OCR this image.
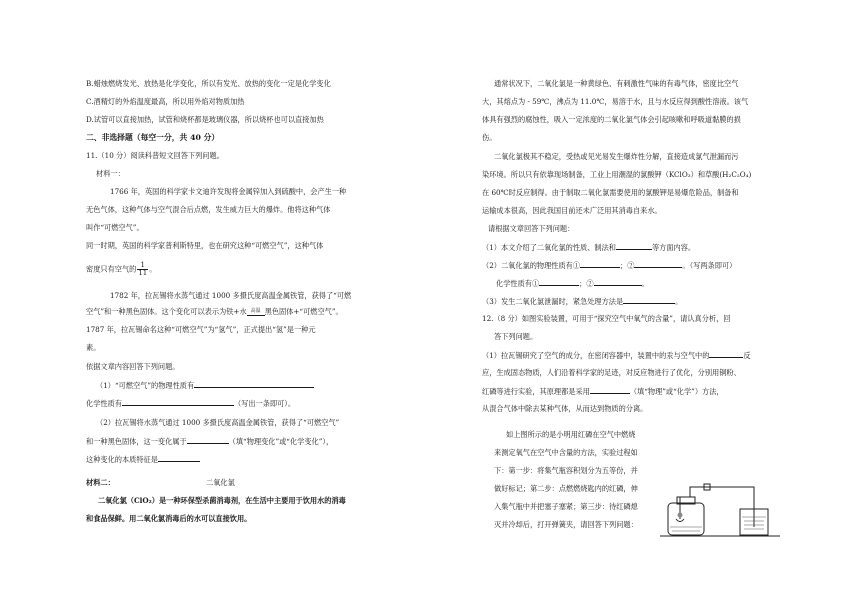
B.蜡烛燃烧发光、放热是化学变化，所以有发光、放热的变化一定是化学变化
C.酒精灯的外焰温度最高，所以用外焰对物质加热
D.试管可以直接加热，试管和烧杯都是玻璃仪器，所以烧杯也可以直接加热
二、非选择题（每空一分，共 40 分）
11.（10 分）阅读科普短文回答下列问题。
材料一：
1766 年，英国的科学家卡文迪许发现将金属锌加入到硫酸中，会产生一种
无色气体，这种气体与空气混合后点燃，发生威力巨大的爆炸。他将这种气体
叫作“可燃空气”。
同一时期，英国的科学家普利斯特里，也在研究这种“可燃空气”，这种气体
密度只有空气的 $\frac{1}{11}$ 。
1782 年，拉瓦锡将水蒸气通过 1000 多摄氏度高温金属铁管，获得了“可燃
空气”和一种黑色固体。这个变化可以表示为铁+水 高温 黑色固体+“可燃空气”。
1787 年，拉瓦锡命名这种“可燃空气”为“氢气”，正式提出“氢”是一种元
素。
依据文章内容回答下列问题。
（1）“可燃空气”的物理性质有
化学性质有	（写出一条即可）。
（2）拉瓦锡将水蒸气通过 1000 多摄氏度高温金属铁管，获得了“可燃空气”
和一种黑色固体，这一变化属于	（填“物理变化”或“化学变化”），
这种变化的本质特征是
材料二：	二氧化氯
二氧化氯（ClO₂）是一种环保型杀菌消毒剂，在生活中主要用于饮用水的消毒
和食品保鲜。用二氧化氯消毒后的水可以直接饮用。
通常状况下，二氧化氯是一种黄绿色、有刺激性气味的有毒气体，密度比空气
大，其熔点为 - 59℃，沸点为 11.0℃，易溶于水，且与水反应得到酸性溶液。该气
体具有强烈的腐蚀性，吸入一定浓度的二氧化氯气体会引起咳嗽和呼吸道黏膜的损
伤。
二氧化氯极其不稳定，受热或见光易发生爆炸性分解，直接造成氯气泄漏而污
染环境。所以只有依靠现场制备，工业上用潮湿的氯酸钾（KClO₃）和草酸(H₂C₂O₄)
在 60℃时反应制得。由于制取二氧化氯需要使用的氯酸钾是易爆危险品，制备和
运输成本很高，因此我国目前还未广泛用其消毒自来水。
请根据文章回答下列问题：
（1）本文介绍了二氧化氯的性质、制法和	等方面内容。
（2）二氧化氯的物理性质有①	；②	。（写两条即可）
化学性质有①	；②	。
（3）发生二氧化氯泄漏时，紧急处理方法是	。
12.（8 分）如图实验装置，可用于“探究空气中氧气的含量”，请认真分析，回
答下列问题。
（1）拉瓦锡研究了空气的成分，在密闭容器中，装置中的汞与空气中的	反
应，生成固态物质，人们沿着科学家的足迹，对反应物进行了优化，分别用铜粉、
红磷等进行实验，其原理都是采用	（填“物理”或“化学”）方法，
从混合气体中除去某种气体，从而达到物质的分离。
如上图所示的是小明用红磷在空气中燃烧
来测定氧气在空气中含量的方法，实验过程如
下：第一步：将集气瓶容积划分为五等份，并
做好标记；第二步：点燃燃烧匙内的红磷，伸
入集气瓶中并把塞子塞紧；第三步：待红磷熄
灭并冷却后，打开弹簧夹，请回答下列问题：
